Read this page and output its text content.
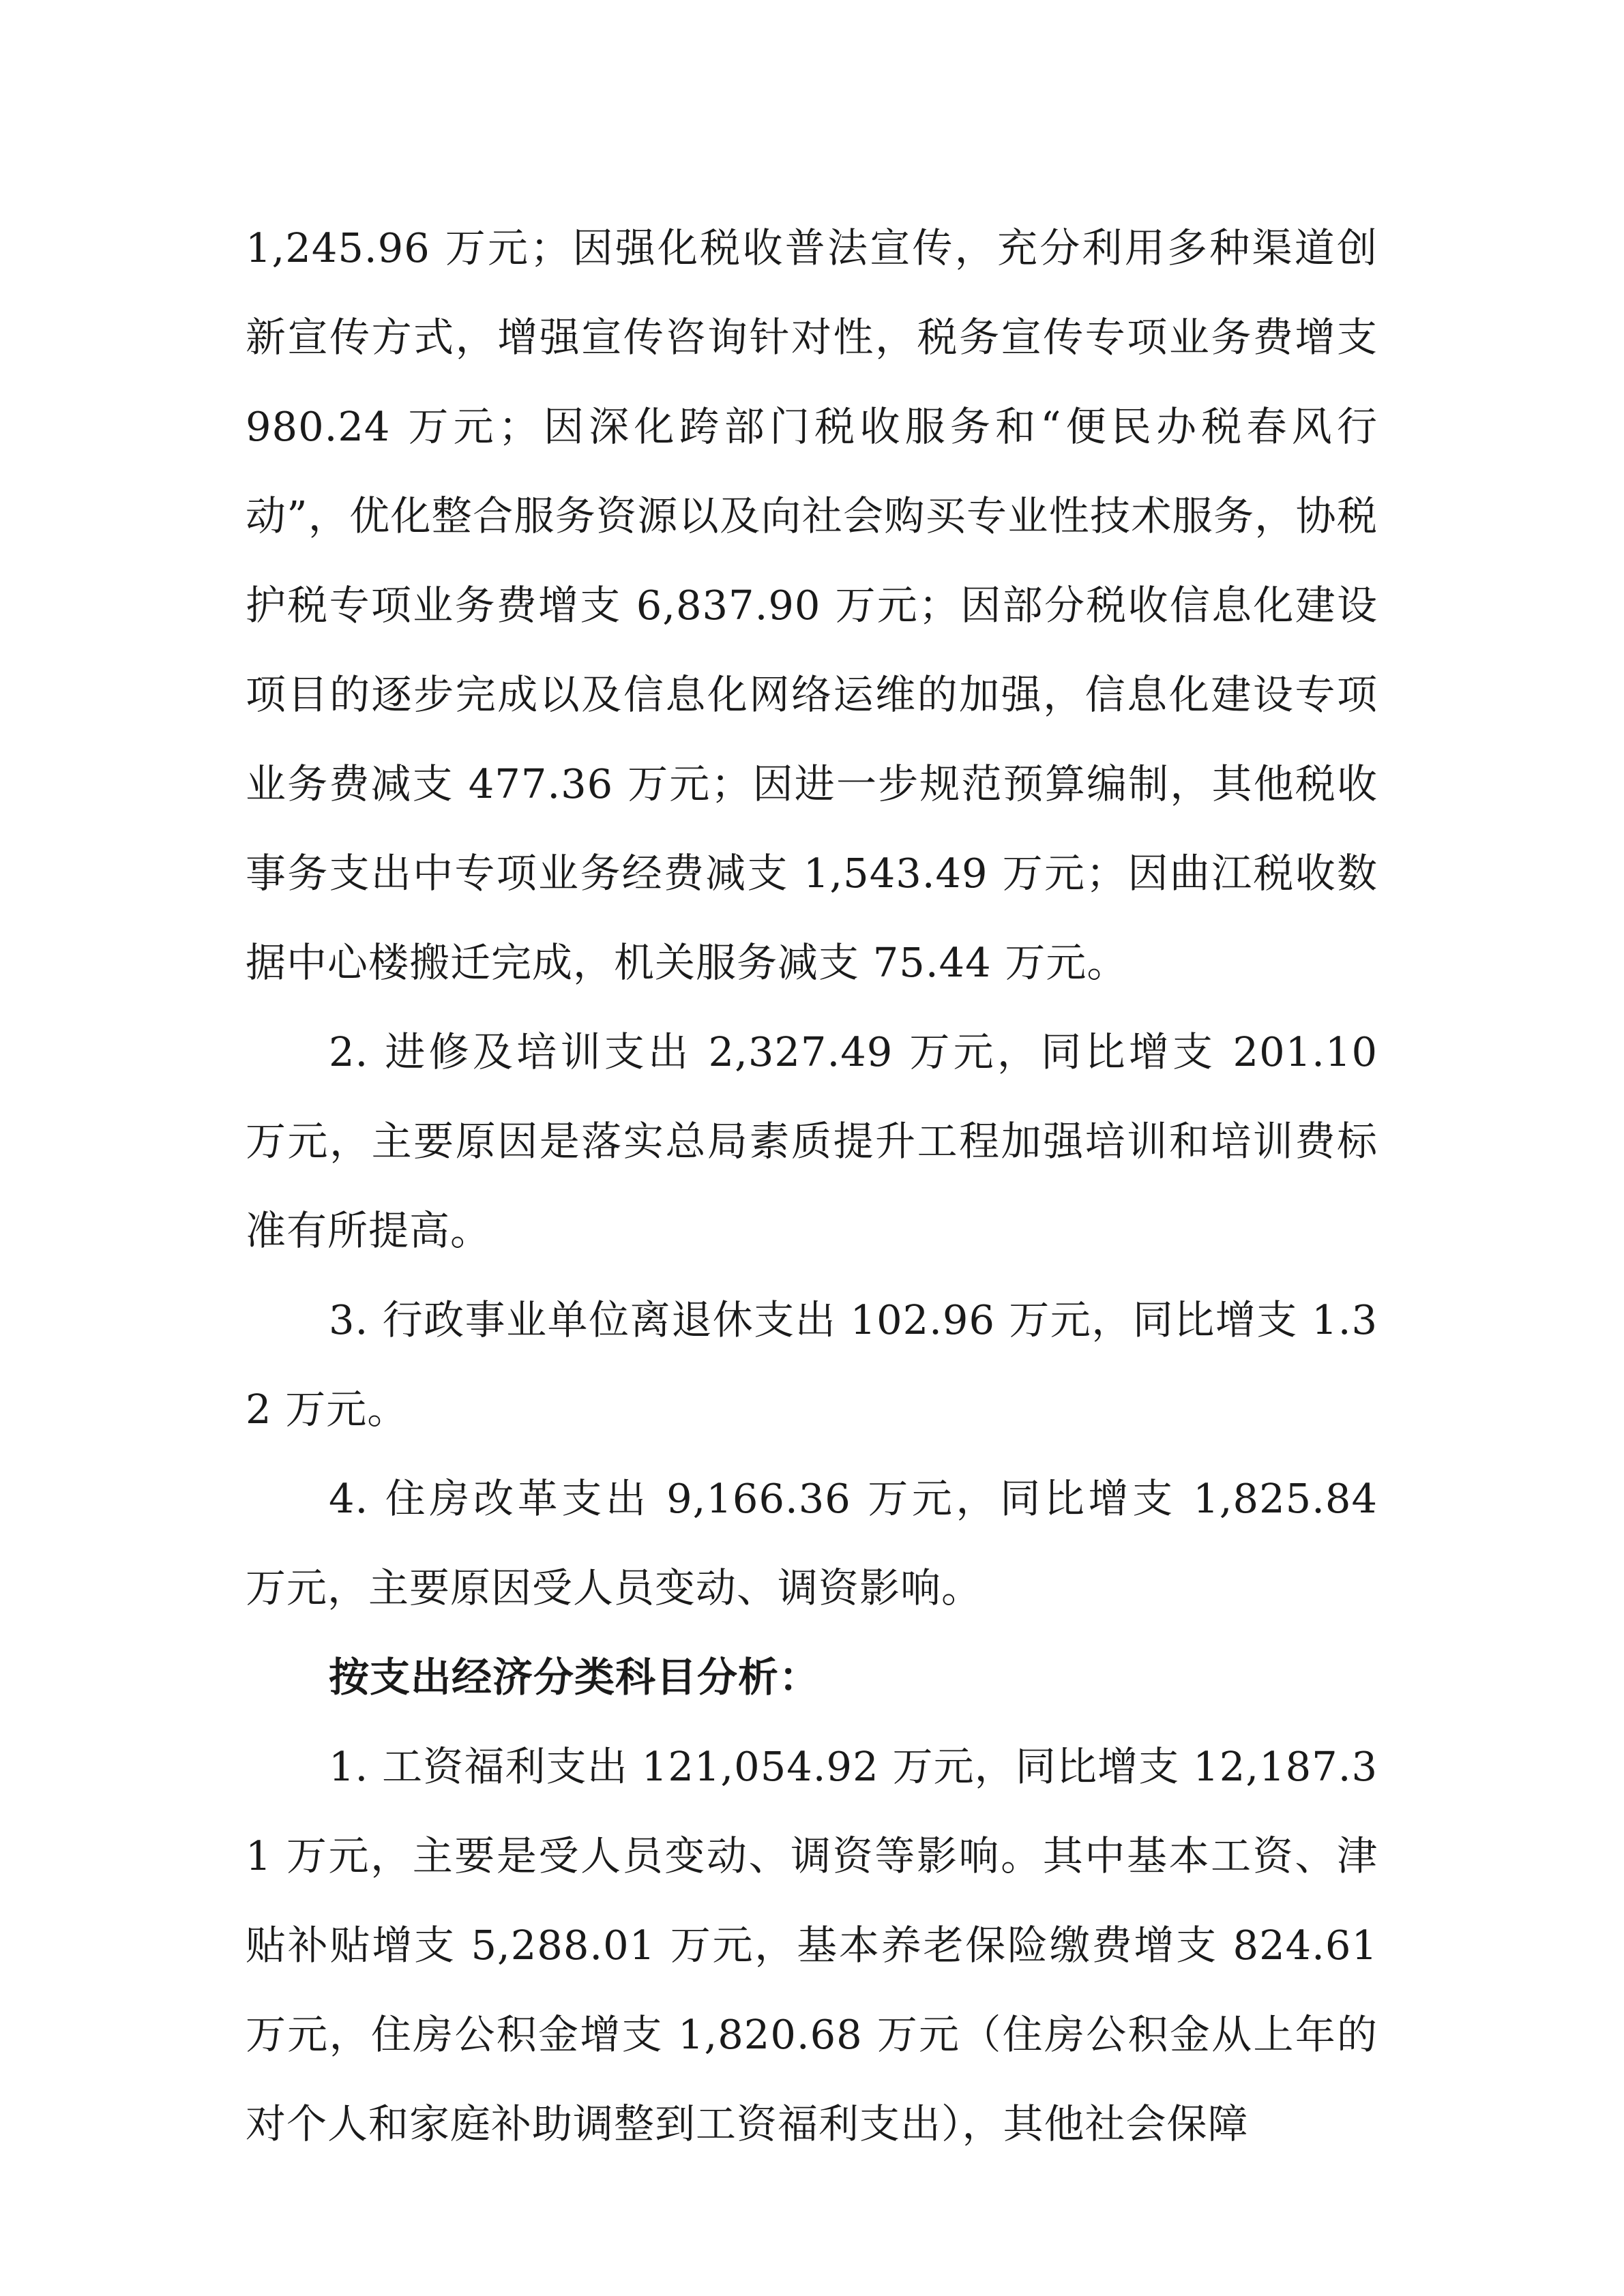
1,245.96 万元；因强化税收普法宣传，充分利用多种渠道创新宣传方式，增强宣传咨询针对性，税务宣传专项业务费增支 980.24 万元；因深化跨部门税收服务和“便民办税春风行动”，优化整合服务资源以及向社会购买专业性技术服务，协税护税专项业务费增支 6,837.90 万元；因部分税收信息化建设项目的逐步完成以及信息化网络运维的加强，信息化建设专项业务费减支 477.36 万元；因进一步规范预算编制，其他税收事务支出中专项业务经费减支 1,543.49 万元；因曲江税收数据中心楼搬迁完成，机关服务减支 75.44 万元。

2. 进修及培训支出 2,327.49 万元，同比增支 201.10 万元，主要原因是落实总局素质提升工程加强培训和培训费标准有所提高。

3. 行政事业单位离退休支出 102.96 万元，同比增支 1.32 万元。

4. 住房改革支出 9,166.36 万元，同比增支 1,825.84 万元，主要原因受人员变动、调资影响。

按支出经济分类科目分析：

1. 工资福利支出 121,054.92 万元，同比增支 12,187.31 万元，主要是受人员变动、调资等影响。其中基本工资、津贴补贴增支 5,288.01 万元，基本养老保险缴费增支 824.61 万元，住房公积金增支 1,820.68 万元（住房公积金从上年的对个人和家庭补助调整到工资福利支出），其他社会保障
